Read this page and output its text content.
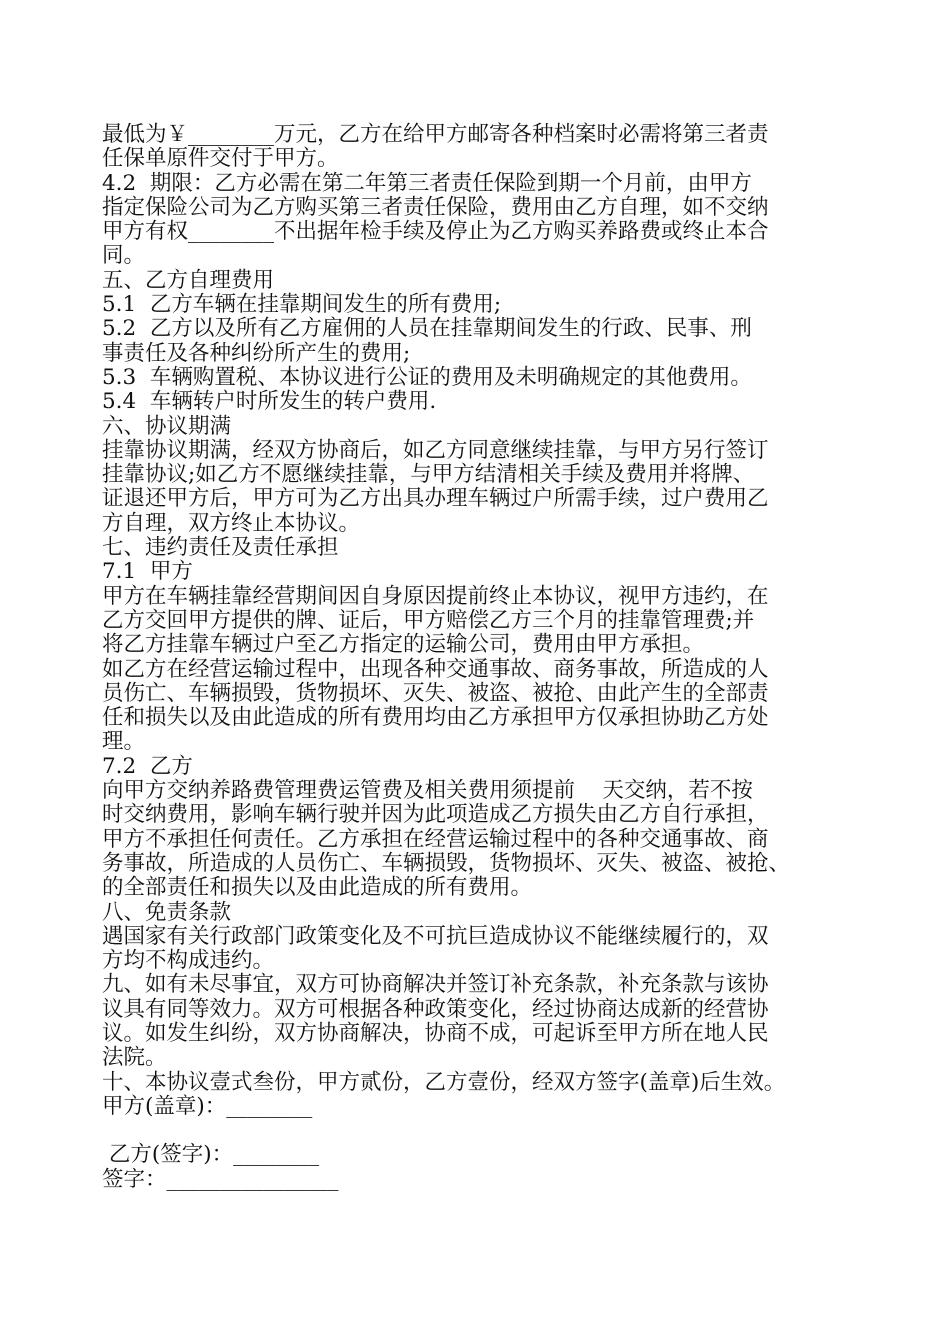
最低为￥________万元，乙方在给甲方邮寄各种档案时必需将第三者责
任保单原件交付于甲方。
4.2  期限：乙方必需在第二年第三者责任保险到期一个月前，由甲方
指定保险公司为乙方购买第三者责任保险，费用由乙方自理，如不交纳
甲方有权________不出据年检手续及停止为乙方购买养路费或终止本合
同。
五、乙方自理费用
5.1  乙方车辆在挂靠期间发生的所有费用;
5.2  乙方以及所有乙方雇佣的人员在挂靠期间发生的行政、民事、刑
事责任及各种纠纷所产生的费用;
5.3  车辆购置税、本协议进行公证的费用及未明确规定的其他费用。
5.4  车辆转户时所发生的转户费用.
六、协议期满
挂靠协议期满，经双方协商后，如乙方同意继续挂靠，与甲方另行签订
挂靠协议;如乙方不愿继续挂靠，与甲方结清相关手续及费用并将牌、
证退还甲方后，甲方可为乙方出具办理车辆过户所需手续，过户费用乙
方自理，双方终止本协议。
七、违约责任及责任承担
7.1  甲方
甲方在车辆挂靠经营期间因自身原因提前终止本协议，视甲方违约，在
乙方交回甲方提供的牌、证后，甲方赔偿乙方三个月的挂靠管理费;并
将乙方挂靠车辆过户至乙方指定的运输公司，费用由甲方承担。
如乙方在经营运输过程中，出现各种交通事故、商务事故，所造成的人
员伤亡、车辆损毁，货物损坏、灭失、被盗、被抢、由此产生的全部责
任和损失以及由此造成的所有费用均由乙方承担甲方仅承担协助乙方处
理。
7.2  乙方
向甲方交纳养路费管理费运管费及相关费用须提前    天交纳，若不按
时交纳费用，影响车辆行驶并因为此项造成乙方损失由乙方自行承担，
甲方不承担任何责任。乙方承担在经营运输过程中的各种交通事故、商
务事故，所造成的人员伤亡、车辆损毁，货物损坏、灭失、被盗、被抢、
的全部责任和损失以及由此造成的所有费用。
八、免责条款
遇国家有关行政部门政策变化及不可抗巨造成协议不能继续履行的，双
方均不构成违约。
九、如有未尽事宜，双方可协商解决并签订补充条款，补充条款与该协
议具有同等效力。双方可根据各种政策变化，经过协商达成新的经营协
议。如发生纠纷，双方协商解决，协商不成，可起诉至甲方所在地人民
法院。
十、本协议壹式叁份，甲方贰份，乙方壹份，经双方签字(盖章)后生效。
甲方(盖章)：________
乙方(签字)：________
签字：________________
